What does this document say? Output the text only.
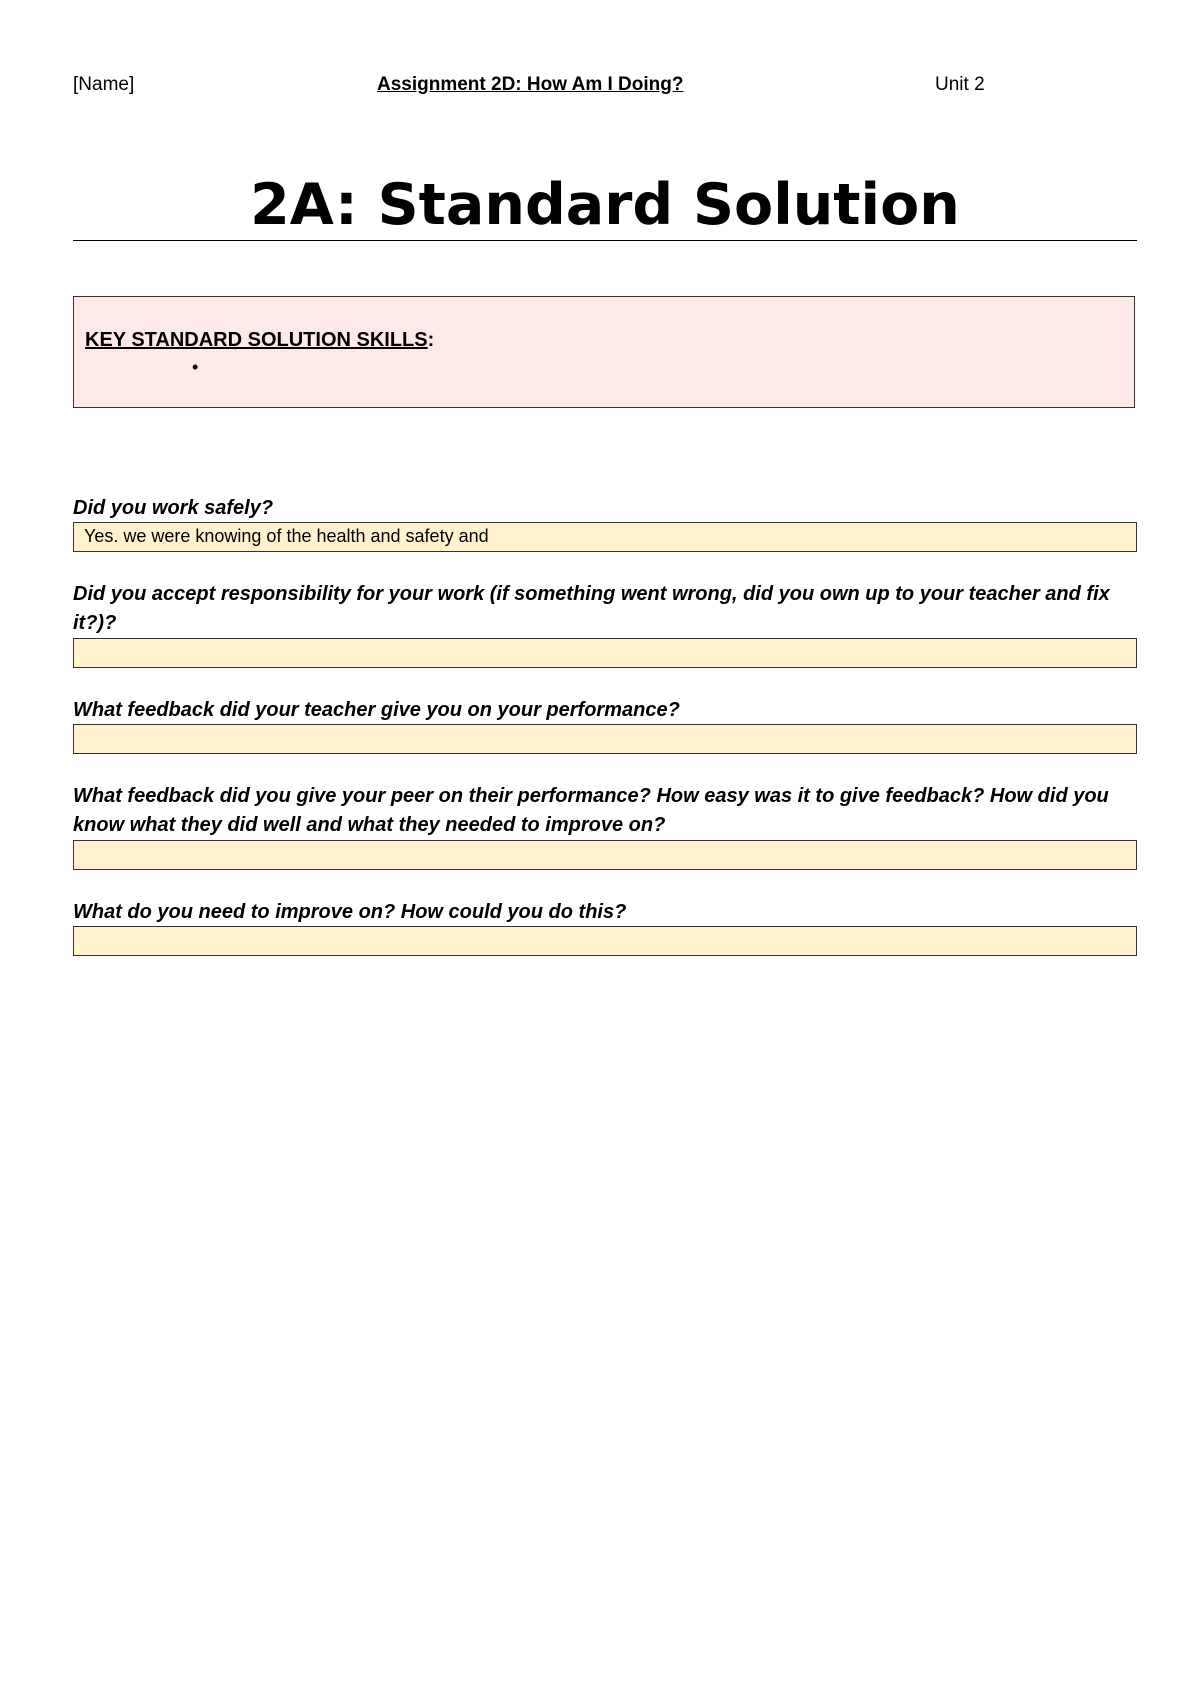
[Name]	Assignment 2D: How Am I Doing?	Unit 2
2A: Standard Solution
KEY STANDARD SOLUTION SKILLS:
•
Did you work safely?
Yes. we were knowing of the health and safety and
Did you accept responsibility for your work (if something went wrong, did you own up to your teacher and fix it?)?
What feedback did your teacher give you on your performance?
What feedback did you give your peer on their performance? How easy was it to give feedback? How did you know what they did well and what they needed to improve on?
What do you need to improve on? How could you do this?
